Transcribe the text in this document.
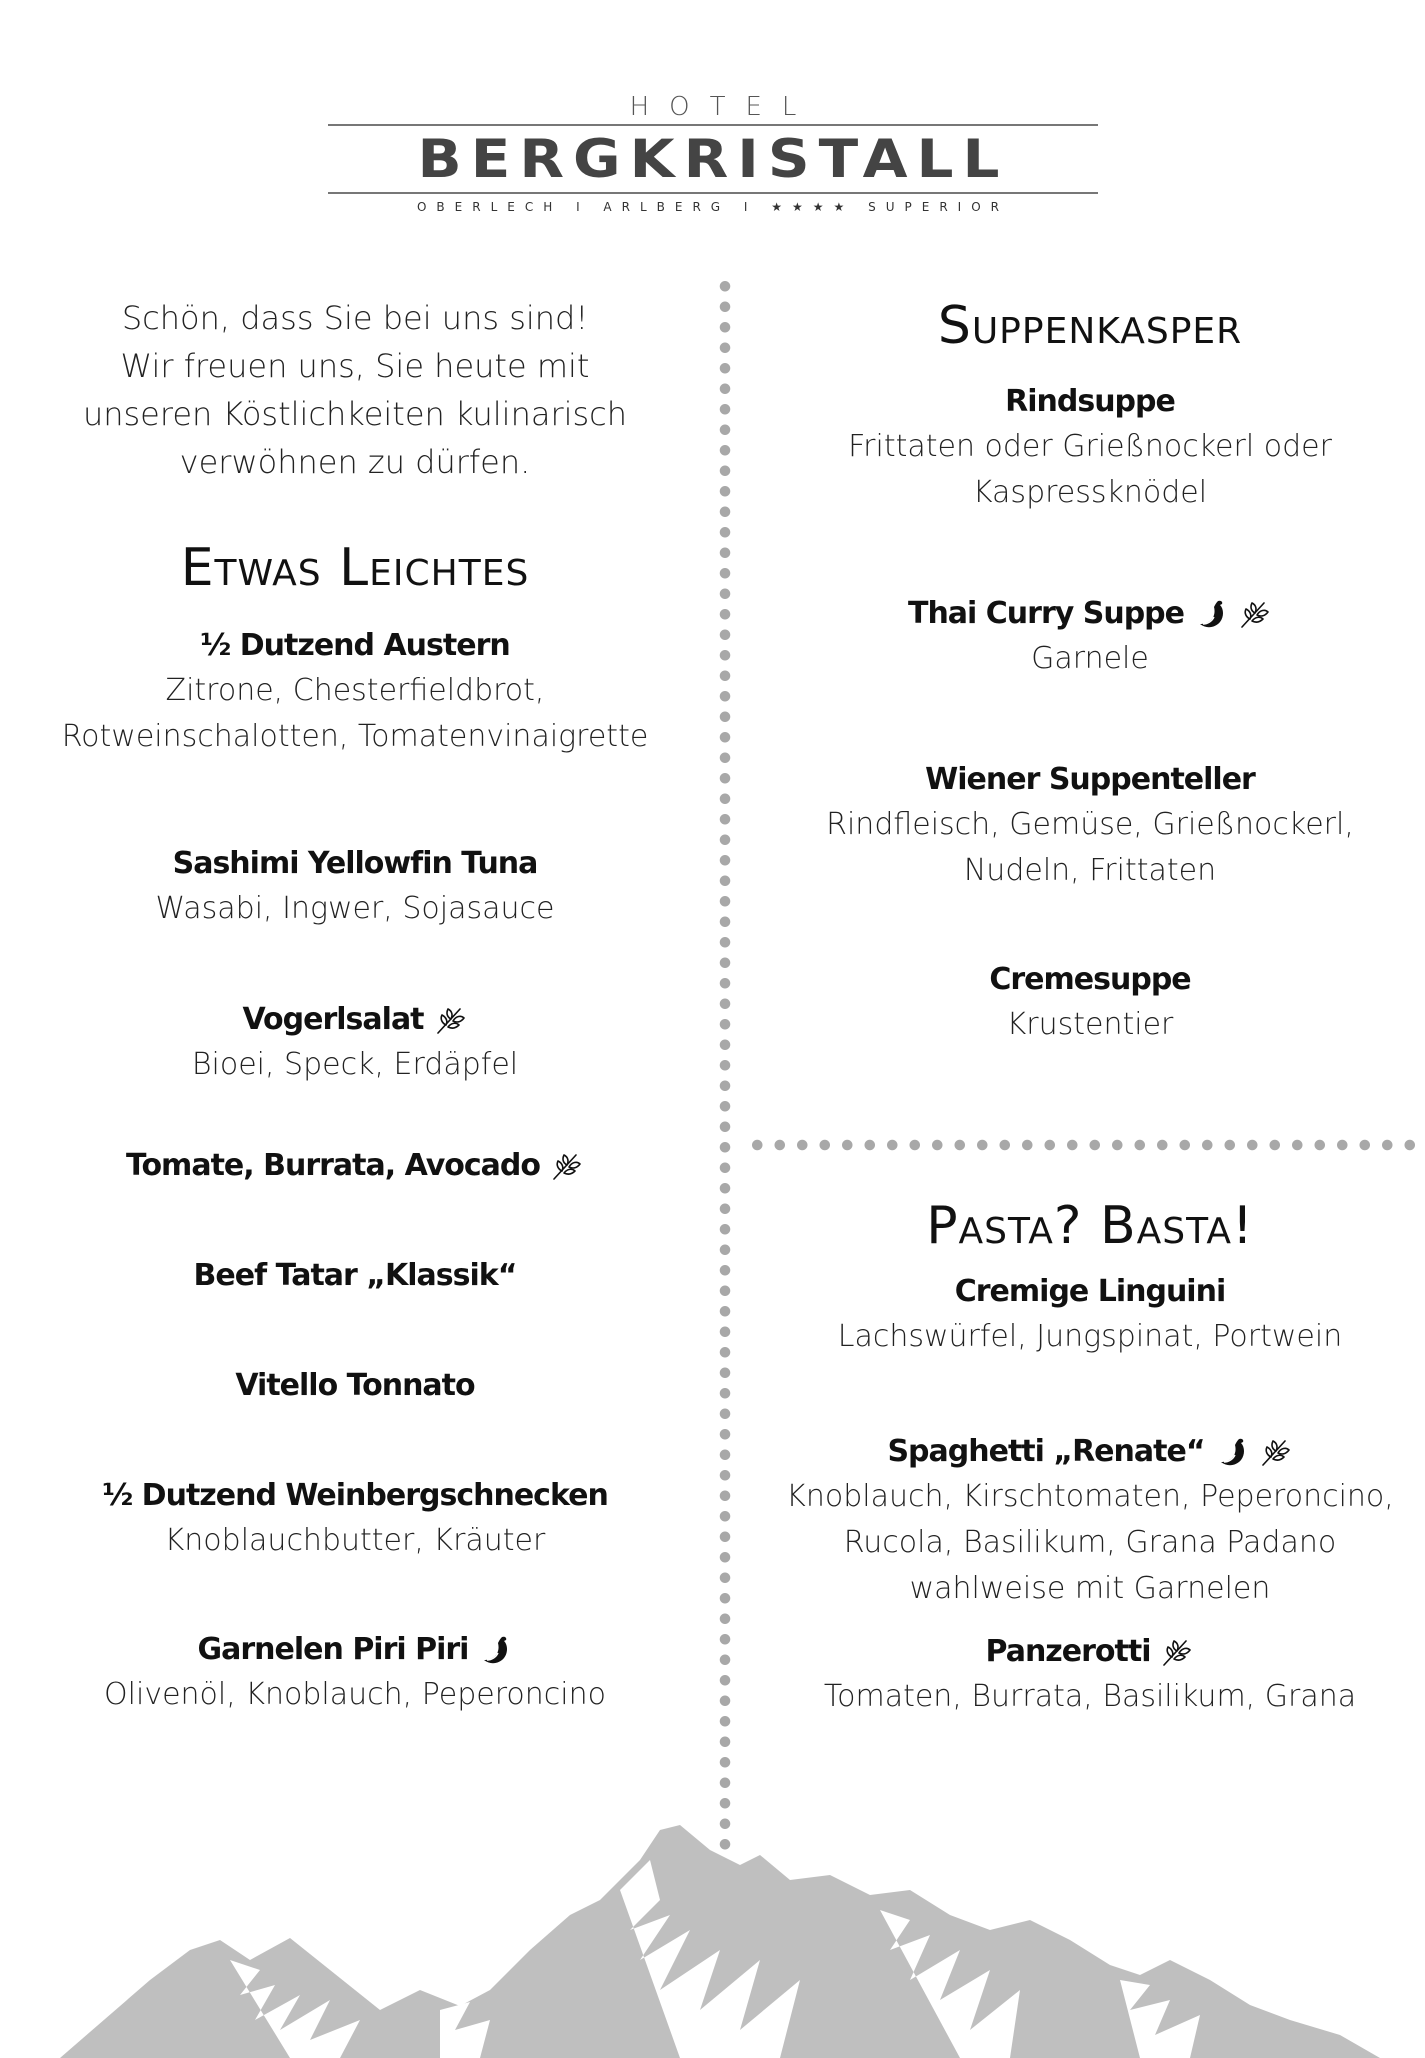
HOTEL
BERGKRISTALL
OBERLECH I ARLBERG I ★★★★ SUPERIOR

Schön, dass Sie bei uns sind!

Wir freuen uns, Sie heute mit

unseren Köstlichkeiten kulinarisch

verwöhnen zu dürfen.

Etwas Leichtes
½ Dutzend Austern
Zitrone, Chesterfieldbrot,
Rotweinschalotten, Tomatenvinaigrette
Sashimi Yellowfin Tuna
Wasabi, Ingwer, Sojasauce
Vogerlsalat
Bioei, Speck, Erdäpfel
Tomate, Burrata, Avocado
Beef Tatar „Klassik“
Vitello Tonnato
½ Dutzend Weinbergschnecken
Knoblauchbutter, Kräuter
Garnelen Piri Piri
Olivenöl, Knoblauch, Peperoncino
Suppenkasper
Rindsuppe
Frittaten oder Grießnockerl oder
Kaspressknödel
Thai Curry Suppe
Garnele
Wiener Suppenteller
Rindfleisch, Gemüse, Grießnockerl,
Nudeln, Frittaten
Cremesuppe
Krustentier
Pasta? Basta!
Cremige Linguini
Lachswürfel, Jungspinat, Portwein
Spaghetti „Renate“
Knoblauch, Kirschtomaten, Peperoncino,
Rucola, Basilikum, Grana Padano
wahlweise mit Garnelen
Panzerotti
Tomaten, Burrata, Basilikum, Grana
